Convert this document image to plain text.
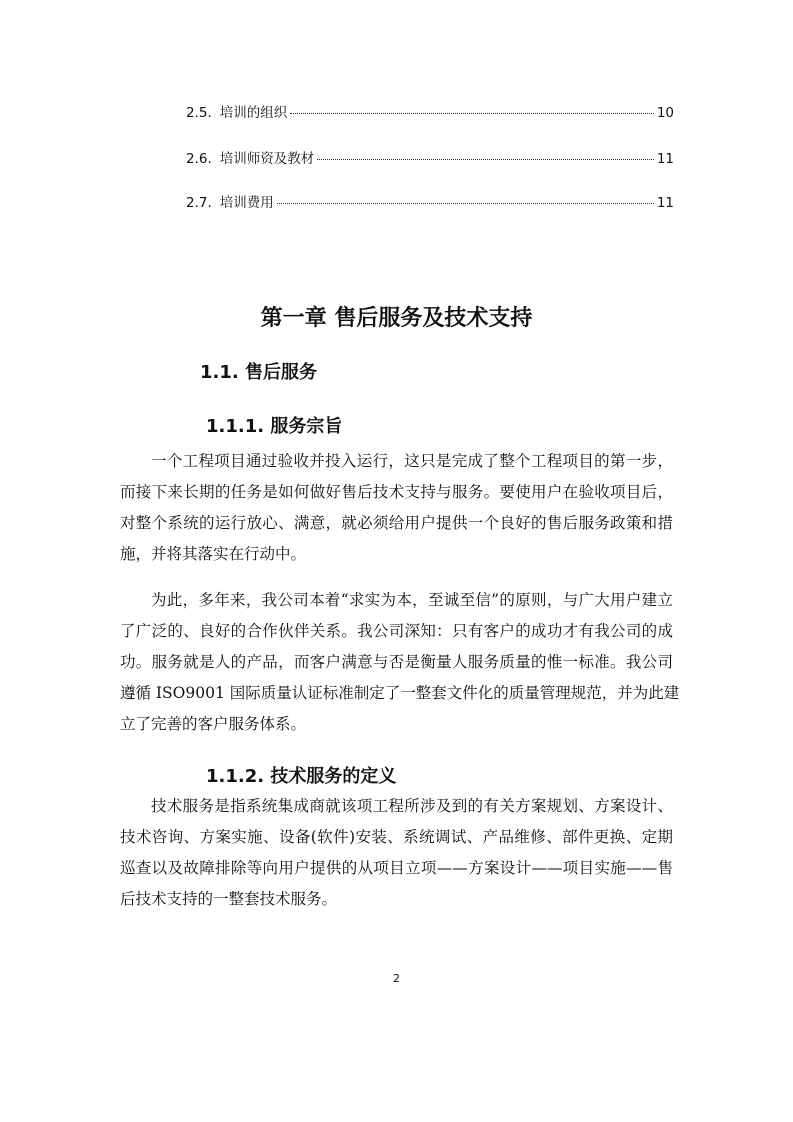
2.5. 培训的组织	10
2.6. 培训师资及教材	11
2.7. 培训费用	11
第一章 售后服务及技术支持
1.1. 售后服务
1.1.1. 服务宗旨
一个工程项目通过验收并投入运行，这只是完成了整个工程项目的第一步，
而接下来长期的任务是如何做好售后技术支持与服务。要使用户在验收项目后，
对整个系统的运行放心、满意，就必须给用户提供一个良好的售后服务政策和措
施，并将其落实在行动中。
为此，多年来，我公司本着“求实为本，至诚至信”的原则，与广大用户建立
了广泛的、良好的合作伙伴关系。我公司深知：只有客户的成功才有我公司的成
功。服务就是人的产品，而客户满意与否是衡量人服务质量的惟一标准。我公司
遵循 ISO9001 国际质量认证标准制定了一整套文件化的质量管理规范，并为此建
立了完善的客户服务体系。
1.1.2. 技术服务的定义
技术服务是指系统集成商就该项工程所涉及到的有关方案规划、方案设计、
技术咨询、方案实施、设备(软件)安装、系统调试、产品维修、部件更换、定期
巡查以及故障排除等向用户提供的从项目立项——方案设计——项目实施——售
后技术支持的一整套技术服务。
2
